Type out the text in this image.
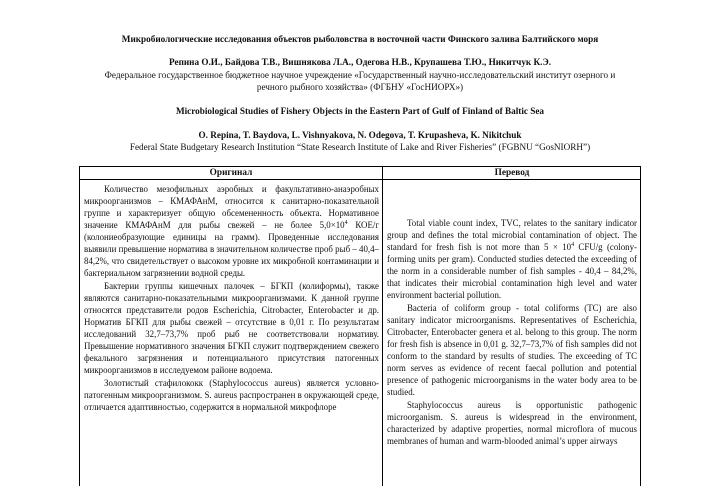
Микробиологические исследования объектов рыболовства в восточной части Финского залива Балтийского моря
Репина О.И., Байдова Т.В., Вишнякова Л.А., Одегова Н.В., Крупашева Т.Ю., Никитчук К.Э.
Федеральное государственное бюджетное научное учреждение «Государственный научно-исследовательский институт озерного и
речного рыбного хозяйства» (ФГБНУ «ГосНИОРХ»)
Microbiological Studies of Fishery Objects in the Eastern Part of Gulf of Finland of Baltic Sea
O. Repina, T. Baydova, L. Vishnyakova, N. Odegova, T. Krupasheva, K. Nikitchuk
Federal State Budgetary Research Institution “State Research Institute of Lake and River Fisheries” (FGBNU “GosNIORH”)
Оригинал	Перевод

Количество мезофильных аэробных и факультативно-анаэробных микроорганизмов – КМАФАнМ, относится к санитарно-показательной группе и характеризует общую обсемененность объекта. Нормативное значение КМАФАнМ для рыбы свежей – не более $5,0\times 10^4$ КОЕ/г (колониеобразующие единицы на грамм). Проведенные исследования выявили превышение норматива в значительном количестве проб рыб – 40,4–84,2%, что свидетельствует о высоком уровне их микробной контаминации и бактериальном загрязнении водной среды.

Бактерии группы кишечных палочек – БГКП (колиформы), также являются санитарно-показательными микроорганизмами. К данной группе относятся представители родов Escherichia, Citrobacter, Enterobacter и др. Норматив БГКП для рыбы свежей – отсутствие в 0,01 г. По результатам исследований 32,7–73,7% проб рыб не соответствовали нормативу. Превышение нормативного значения БГКП служит подтверждением свежего фекального загрязнения и потенциального присутствия патогенных микроорганизмов в исследуемом районе водоема.

Золотистый стафилококк (Staphylococcus aureus) является условно-патогенным микроорганизмом. S. aureus распространен в окружающей среде, отличается адаптивностью, содержится в нормальной микрофлоре

Total viable count index, TVC, relates to the sanitary indicator group and defines the total microbial contamination of object. The standard for fresh fish is not more than $5 \times 10^4$ CFU/g (colony-forming units per gram). Conducted studies detected the exceeding of the norm in a considerable number of fish samples - 40,4 – 84,2%, that indicates their microbial contamination high level and water environment bacterial pollution.

Bacteria of coliform group - total coliforms (TC) are also sanitary indicator microorganisms. Representatives of Escherichia, Citrobacter, Enterobacter genera et al. belong to this group. The norm for fresh fish is absence in 0,01 g. 32,7–73,7% of fish samples did not conform to the standard by results of studies. The exceeding of TC norm serves as evidence of recent faecal pollution and potential presence of pathogenic microorganisms in the water body area to be studied.

Staphylococcus aureus is opportunistic pathogenic microorganism. S. aureus is widespread in the environment, characterized by adaptive properties, normal microflora of mucous membranes of human and warm-blooded animal’s upper airways
